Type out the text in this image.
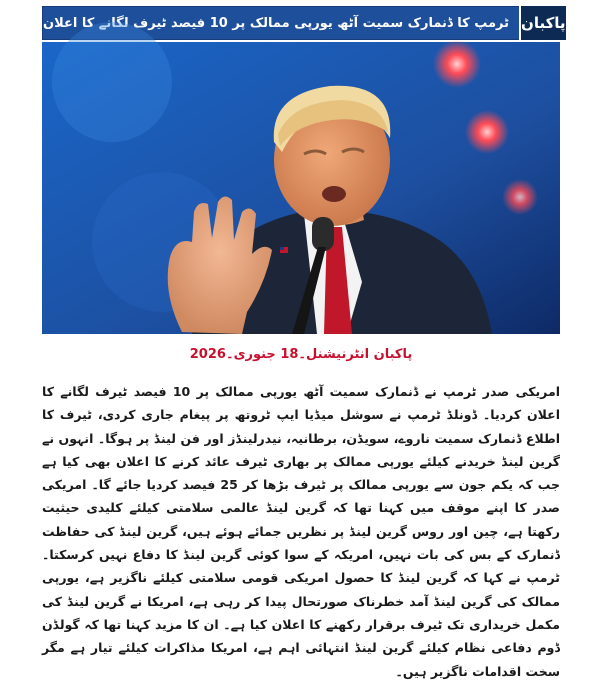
ٹرمپ کا ڈنمارک سمیت آٹھ یورپی ممالک پر 10 فیصد ٹیرف لگانے کا اعلان پاکبان
پاکبان انٹرنیشنل۔18 جنوری۔2026
امریکی صدر ٹرمپ نے ڈنمارک سمیت آٹھ یورپی ممالک پر 10 فیصد ٹیرف لگانے کا اعلان کردیا۔ ڈونلڈ ٹرمپ نے سوشل میڈیا ایپ ٹروتھ پر پیغام جاری کردی، ٹیرف کا اطلاع ڈنمارک سمیت ناروے، سویڈن، برطانیہ، نیدرلینڈز اور فن لینڈ پر ہوگا۔ انہوں نے گرین لینڈ خریدنے کیلئے یورپی ممالک پر بھاری ٹیرف عائد کرنے کا اعلان بھی کیا ہے جب کہ یکم جون سے یورپی ممالک پر ٹیرف بڑھا کر 25 فیصد کردیا جائے گا۔ امریکی صدر کا اپنے موقف میں کہنا تھا کہ گرین لینڈ عالمی سلامتی کیلئے کلیدی حیثیت رکھتا ہے، چین اور روس گرین لینڈ پر نظریں جمائے ہوئے ہیں، گرین لینڈ کی حفاظت ڈنمارک کے بس کی بات نہیں، امریکہ کے سوا کوئی گرین لینڈ کا دفاع نہیں کرسکتا۔ ٹرمپ نے کہا کہ گرین لینڈ کا حصول امریکی قومی سلامتی کیلئے ناگزیر ہے، یورپی ممالک کی گرین لینڈ آمد خطرناک صورتحال پیدا کر رہی ہے، امریکا نے گرین لینڈ کی مکمل خریداری تک ٹیرف برقرار رکھنے کا اعلان کیا ہے۔ ان کا مزید کہنا تھا کہ گولڈن ڈوم دفاعی نظام کیلئے گرین لینڈ انتہائی اہم ہے، امریکا مذاکرات کیلئے تیار ہے مگر سخت اقدامات ناگزیر ہیں۔
